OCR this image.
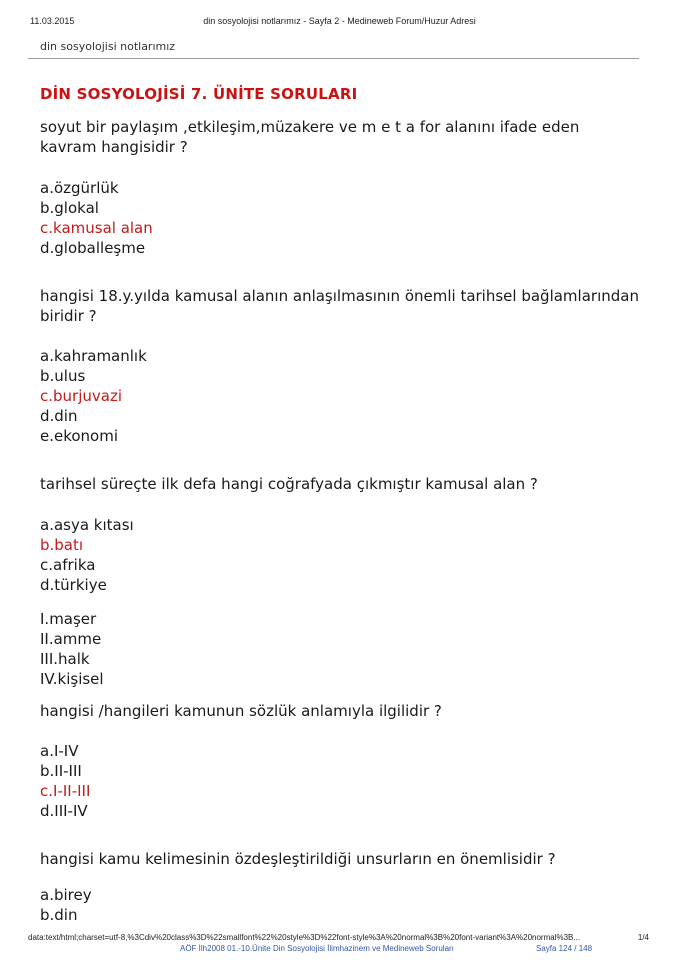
din sosyolojisi notlarımız - Sayfa 2 - Medineweb Forum/Huzur Adresi
11.03.2015
din sosyolojisi notlarımız
DİN SOSYOLOJİSİ 7. ÜNİTE SORULARI

soyut bir paylaşım ,etkileşim,müzakere ve m e t a for alanını ifade eden kavram hangisidir ?

a.özgürlük
b.glokal
c.kamusal alan
d.globalleşme

hangisi 18.y.yılda kamusal alanın anlaşılmasının önemli tarihsel bağlamlarından biridir ?

a.kahramanlık
b.ulus
c.burjuvazi
d.din
e.ekonomi

tarihsel süreçte ilk defa hangi coğrafyada çıkmıştır kamusal alan ?

a.asya kıtası
b.batı
c.afrika
d.türkiye
I.maşer
II.amme
III.halk
IV.kişisel

hangisi /hangileri kamunun sözlük anlamıyla ilgilidir ?

a.I-IV
b.II-III
c.I-II-III
d.III-IV

hangisi kamu kelimesinin özdeşleştirildiği unsurların en önemlisidir ?

a.birey
b.din
data:text/html;charset=utf-8,%3Cdiv%20class%3D%22smallfont%22%20style%3D%22font-style%3A%20normal%3B%20font-variant%3A%20normal%3B...	1/4
AÖF İlh2008 01.-10.Ünite Din Sosyolojisi İlimhazinem ve Medineweb Soruları	Sayfa 124 / 148
